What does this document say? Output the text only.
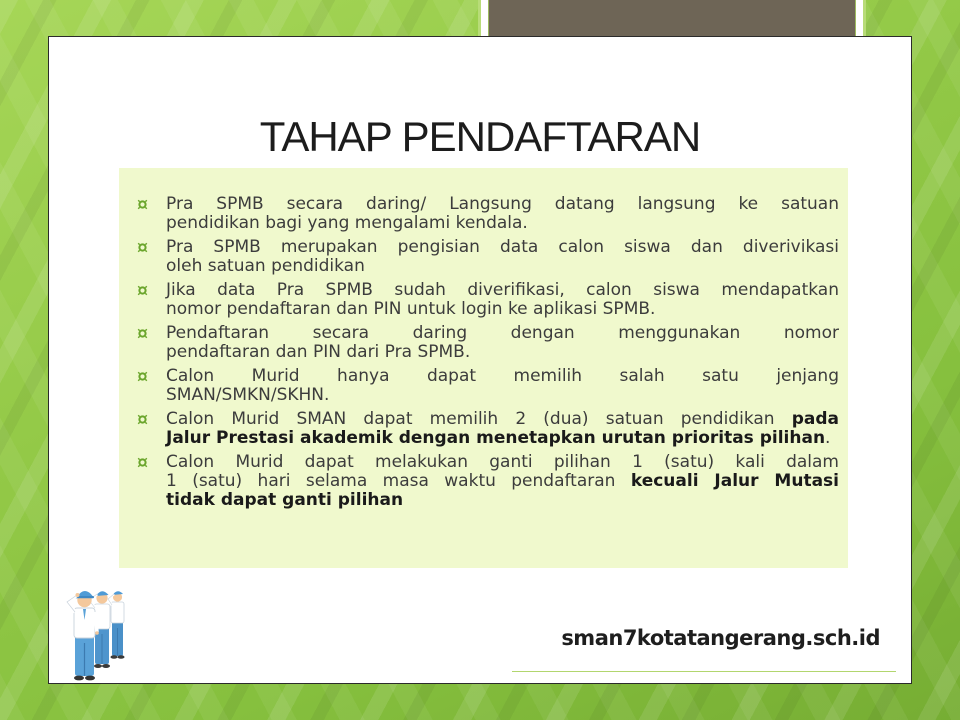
TAHAP PENDAFTARAN
Pra SPMB secara daring/ Langsung datang langsung ke satuan
pendidikan bagi yang mengalami kendala.
Pra SPMB merupakan pengisian data calon siswa dan diverivikasi
oleh satuan pendidikan
Jika data Pra SPMB sudah diverifikasi, calon siswa mendapatkan
nomor pendaftaran dan PIN untuk login ke aplikasi SPMB.
Pendaftaran secara daring dengan menggunakan nomor
pendaftaran dan PIN dari Pra SPMB.
Calon Murid hanya dapat memilih salah satu jenjang
SMAN/SMKN/SKHN.
Calon Murid SMAN dapat memilih 2 (dua) satuan pendidikan pada
Jalur Prestasi akademik dengan menetapkan urutan prioritas pilihan.
Calon Murid dapat melakukan ganti pilihan 1 (satu) kali dalam
1 (satu) hari selama masa waktu pendaftaran kecuali Jalur Mutasi
tidak dapat ganti pilihan
sman7kotatangerang.sch.id
